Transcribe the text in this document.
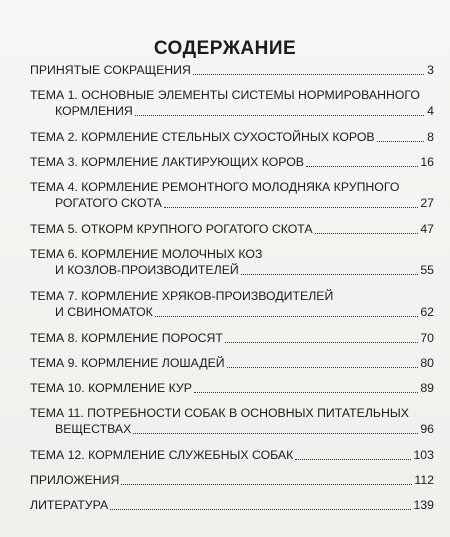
СОДЕРЖАНИЕ
ПРИНЯТЫЕ СОКРАЩЕНИЯ	3
ТЕМА 1. ОСНОВНЫЕ ЭЛЕМЕНТЫ СИСТЕМЫ НОРМИРОВАННОГО
КОРМЛЕНИЯ	4
ТЕМА 2. КОРМЛЕНИЕ СТЕЛЬНЫХ СУХОСТОЙНЫХ КОРОВ	8
ТЕМА 3. КОРМЛЕНИЕ ЛАКТИРУЮЩИХ КОРОВ	16
ТЕМА 4. КОРМЛЕНИЕ РЕМОНТНОГО МОЛОДНЯКА КРУПНОГО
РОГАТОГО СКОТА	27
ТЕМА 5. ОТКОРМ КРУПНОГО РОГАТОГО СКОТА	47
ТЕМА 6. КОРМЛЕНИЕ МОЛОЧНЫХ КОЗ
И КОЗЛОВ-ПРОИЗВОДИТЕЛЕЙ	55
ТЕМА 7. КОРМЛЕНИЕ ХРЯКОВ-ПРОИЗВОДИТЕЛЕЙ
И СВИНОМАТОК	62
ТЕМА 8. КОРМЛЕНИЕ ПОРОСЯТ	70
ТЕМА 9. КОРМЛЕНИЕ ЛОШАДЕЙ	80
ТЕМА 10. КОРМЛЕНИЕ КУР	89
ТЕМА 11. ПОТРЕБНОСТИ СОБАК В ОСНОВНЫХ ПИТАТЕЛЬНЫХ
ВЕЩЕСТВАХ	96
ТЕМА 12. КОРМЛЕНИЕ СЛУЖЕБНЫХ СОБАК	103
ПРИЛОЖЕНИЯ	112
ЛИТЕРАТУРА	139
